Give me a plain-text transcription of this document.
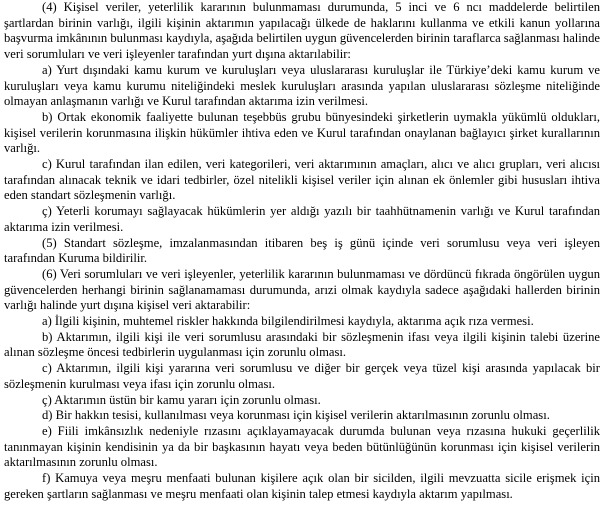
(4) Kişisel veriler, yeterlilik kararının bulunmaması durumunda, 5 inci ve 6 ncı maddelerde belirtilen şartlardan birinin varlığı, ilgili kişinin aktarımın yapılacağı ülkede de haklarını kullanma ve etkili kanun yollarına başvurma imkânının bulunması kaydıyla, aşağıda belirtilen uygun güvencelerden birinin taraflarca sağlanması halinde veri sorumluları ve veri işleyenler tarafından yurt dışına aktarılabilir:

a) Yurt dışındaki kamu kurum ve kuruluşları veya uluslararası kuruluşlar ile Türkiye’deki kamu kurum ve kuruluşları veya kamu kurumu niteliğindeki meslek kuruluşları arasında yapılan uluslararası sözleşme niteliğinde olmayan anlaşmanın varlığı ve Kurul tarafından aktarıma izin verilmesi.

b) Ortak ekonomik faaliyette bulunan teşebbüs grubu bünyesindeki şirketlerin uymakla yükümlü oldukları, kişisel verilerin korunmasına ilişkin hükümler ihtiva eden ve Kurul tarafından onaylanan bağlayıcı şirket kurallarının varlığı.

c) Kurul tarafından ilan edilen, veri kategorileri, veri aktarımının amaçları, alıcı ve alıcı grupları, veri alıcısı tarafından alınacak teknik ve idari tedbirler, özel nitelikli kişisel veriler için alınan ek önlemler gibi hususları ihtiva eden standart sözleşmenin varlığı.

ç) Yeterli korumayı sağlayacak hükümlerin yer aldığı yazılı bir taahhütnamenin varlığı ve Kurul tarafından aktarıma izin verilmesi.

(5) Standart sözleşme, imzalanmasından itibaren beş iş günü içinde veri sorumlusu veya veri işleyen tarafından Kuruma bildirilir.

(6) Veri sorumluları ve veri işleyenler, yeterlilik kararının bulunmaması ve dördüncü fıkrada öngörülen uygun güvencelerden herhangi birinin sağlanamaması durumunda, arızi olmak kaydıyla sadece aşağıdaki hallerden birinin varlığı halinde yurt dışına kişisel veri aktarabilir:

a) İlgili kişinin, muhtemel riskler hakkında bilgilendirilmesi kaydıyla, aktarıma açık rıza vermesi.

b) Aktarımın, ilgili kişi ile veri sorumlusu arasındaki bir sözleşmenin ifası veya ilgili kişinin talebi üzerine alınan sözleşme öncesi tedbirlerin uygulanması için zorunlu olması.

c) Aktarımın, ilgili kişi yararına veri sorumlusu ve diğer bir gerçek veya tüzel kişi arasında yapılacak bir sözleşmenin kurulması veya ifası için zorunlu olması.

ç) Aktarımın üstün bir kamu yararı için zorunlu olması.

d) Bir hakkın tesisi, kullanılması veya korunması için kişisel verilerin aktarılmasının zorunlu olması.

e) Fiili imkânsızlık nedeniyle rızasını açıklayamayacak durumda bulunan veya rızasına hukuki geçerlilik tanınmayan kişinin kendisinin ya da bir başkasının hayatı veya beden bütünlüğünün korunması için kişisel verilerin aktarılmasının zorunlu olması.

f) Kamuya veya meşru menfaati bulunan kişilere açık olan bir sicilden, ilgili mevzuatta sicile erişmek için gereken şartların sağlanması ve meşru menfaati olan kişinin talep etmesi kaydıyla aktarım yapılması.
